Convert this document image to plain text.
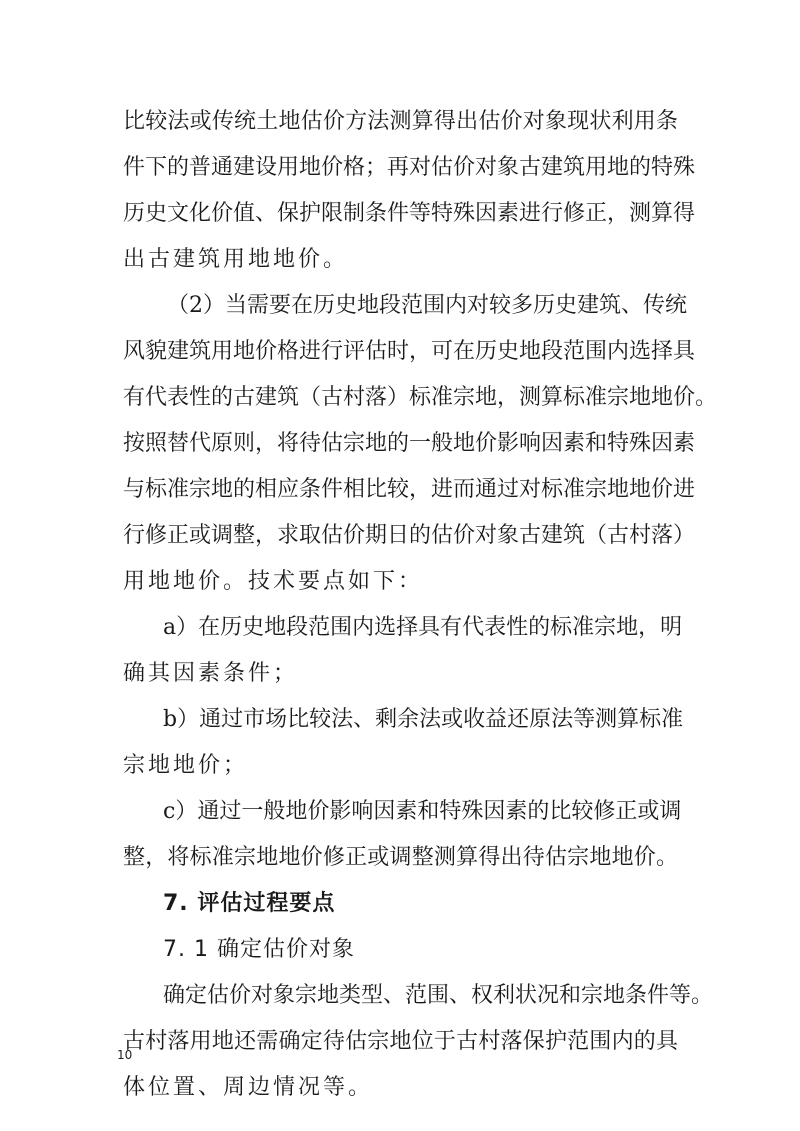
比较法或传统土地估价方法测算得出估价对象现状利用条
件下的普通建设用地价格；再对估价对象古建筑用地的特殊
历史文化价值、保护限制条件等特殊因素进行修正，测算得
出古建筑用地地价。
（2）当需要在历史地段范围内对较多历史建筑、传统
风貌建筑用地价格进行评估时，可在历史地段范围内选择具
有代表性的古建筑（古村落）标准宗地，测算标准宗地地价。
按照替代原则，将待估宗地的一般地价影响因素和特殊因素
与标准宗地的相应条件相比较，进而通过对标准宗地地价进
行修正或调整，求取估价期日的估价对象古建筑（古村落）
用地地价。技术要点如下：
a）在历史地段范围内选择具有代表性的标准宗地，明
确其因素条件；
b）通过市场比较法、剩余法或收益还原法等测算标准
宗地地价；
c）通过一般地价影响因素和特殊因素的比较修正或调
整，将标准宗地地价修正或调整测算得出待估宗地地价。
7. 评估过程要点
7. 1 确定估价对象
确定估价对象宗地类型、范围、权利状况和宗地条件等。
古村落用地还需确定待估宗地位于古村落保护范围内的具
体位置、周边情况等。
10
